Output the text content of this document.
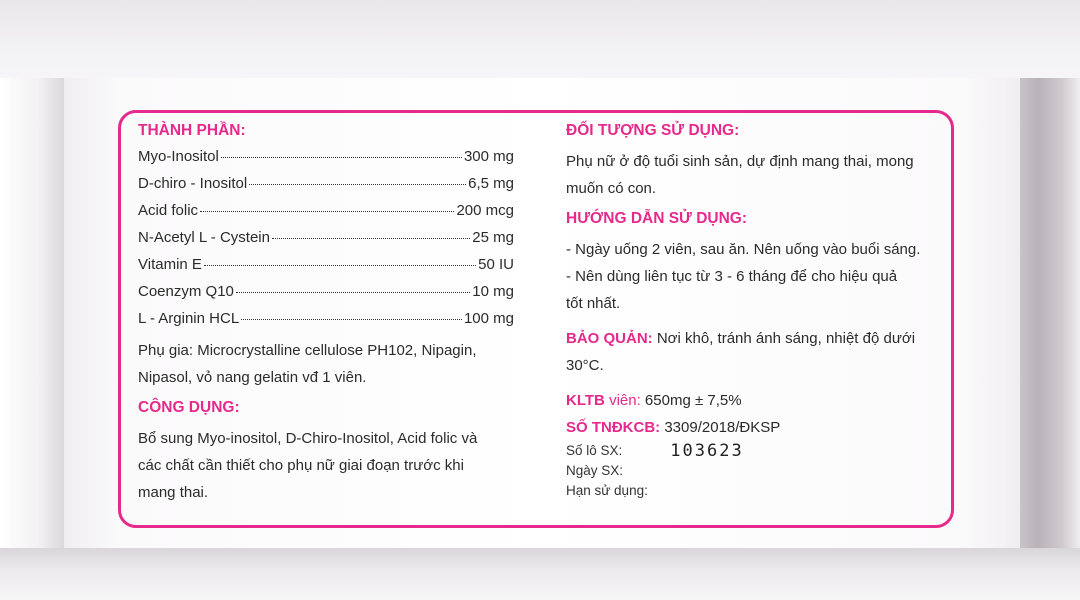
THÀNH PHẦN:
Myo-Inositol	300 mg
D-chiro - Inositol	6,5 mg
Acid folic	200 mcg
N-Acetyl L - Cystein	25 mg
Vitamin E	50 IU
Coenzym Q10	10 mg
L - Arginin HCL	100 mg

Phụ gia: Microcrystalline cellulose PH102, Nipagin,

Nipasol, vỏ nang gelatin vđ 1 viên.

CÔNG DỤNG:

Bổ sung Myo-inositol, D-Chiro-Inositol, Acid folic và

các chất cần thiết cho phụ nữ giai đoạn trước khi

mang thai.

ĐỐI TƯỢNG SỬ DỤNG:

Phụ nữ ở độ tuổi sinh sản, dự định mang thai, mong

muốn có con.

HƯỚNG DẪN SỬ DỤNG:

- Ngày uống 2 viên, sau ăn. Nên uống vào buổi sáng.

- Nên dùng liên tục từ 3 - 6 tháng để cho hiệu quả

tốt nhất.

BẢO QUẢN: Nơi khô, tránh ánh sáng, nhiệt độ dưới

30°C.

KLTB viên: 650mg ± 7,5%

SỐ TNĐKCB: 3309/2018/ĐKSP

Số lô SX:	103623
Ngày SX:
Hạn sử dụng:
